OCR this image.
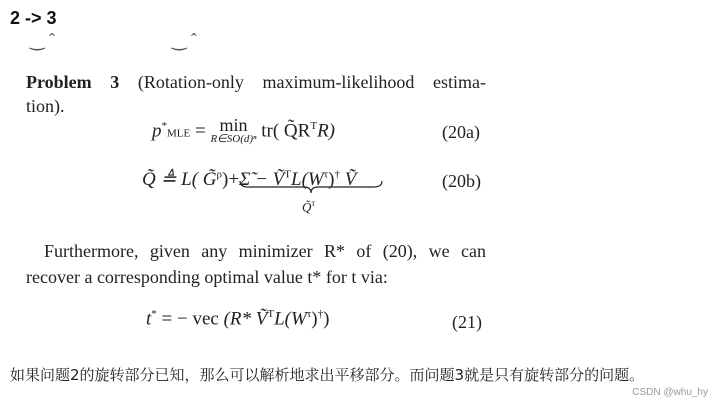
2 -> 3
‿ ˆ                          ‿ ˆ
Problem 3 (Rotation-only maximum-likelihood estima-
tion).
p*MLE = min
R∈SO(d)ⁿ tr( $Q̃R^TR$)	(20a)
Q̃ ≜ L( G̃$^\rho$)+Σ̃ − $Ṽ^TL(W^\tau)^\dagger$ Ṽ
Q̃$^\tau$
(20b)
Furthermore, given any minimizer R* of (20), we can
recover a corresponding optimal value t* for t via:
t* = − vec (R* $Ṽ^TL(W^\tau)^\dagger$)	(21)
如果问题2的旋转部分已知，那么可以解析地求出平移部分。而问题3就是只有旋转部分的问题。
CSDN @whu_hy
